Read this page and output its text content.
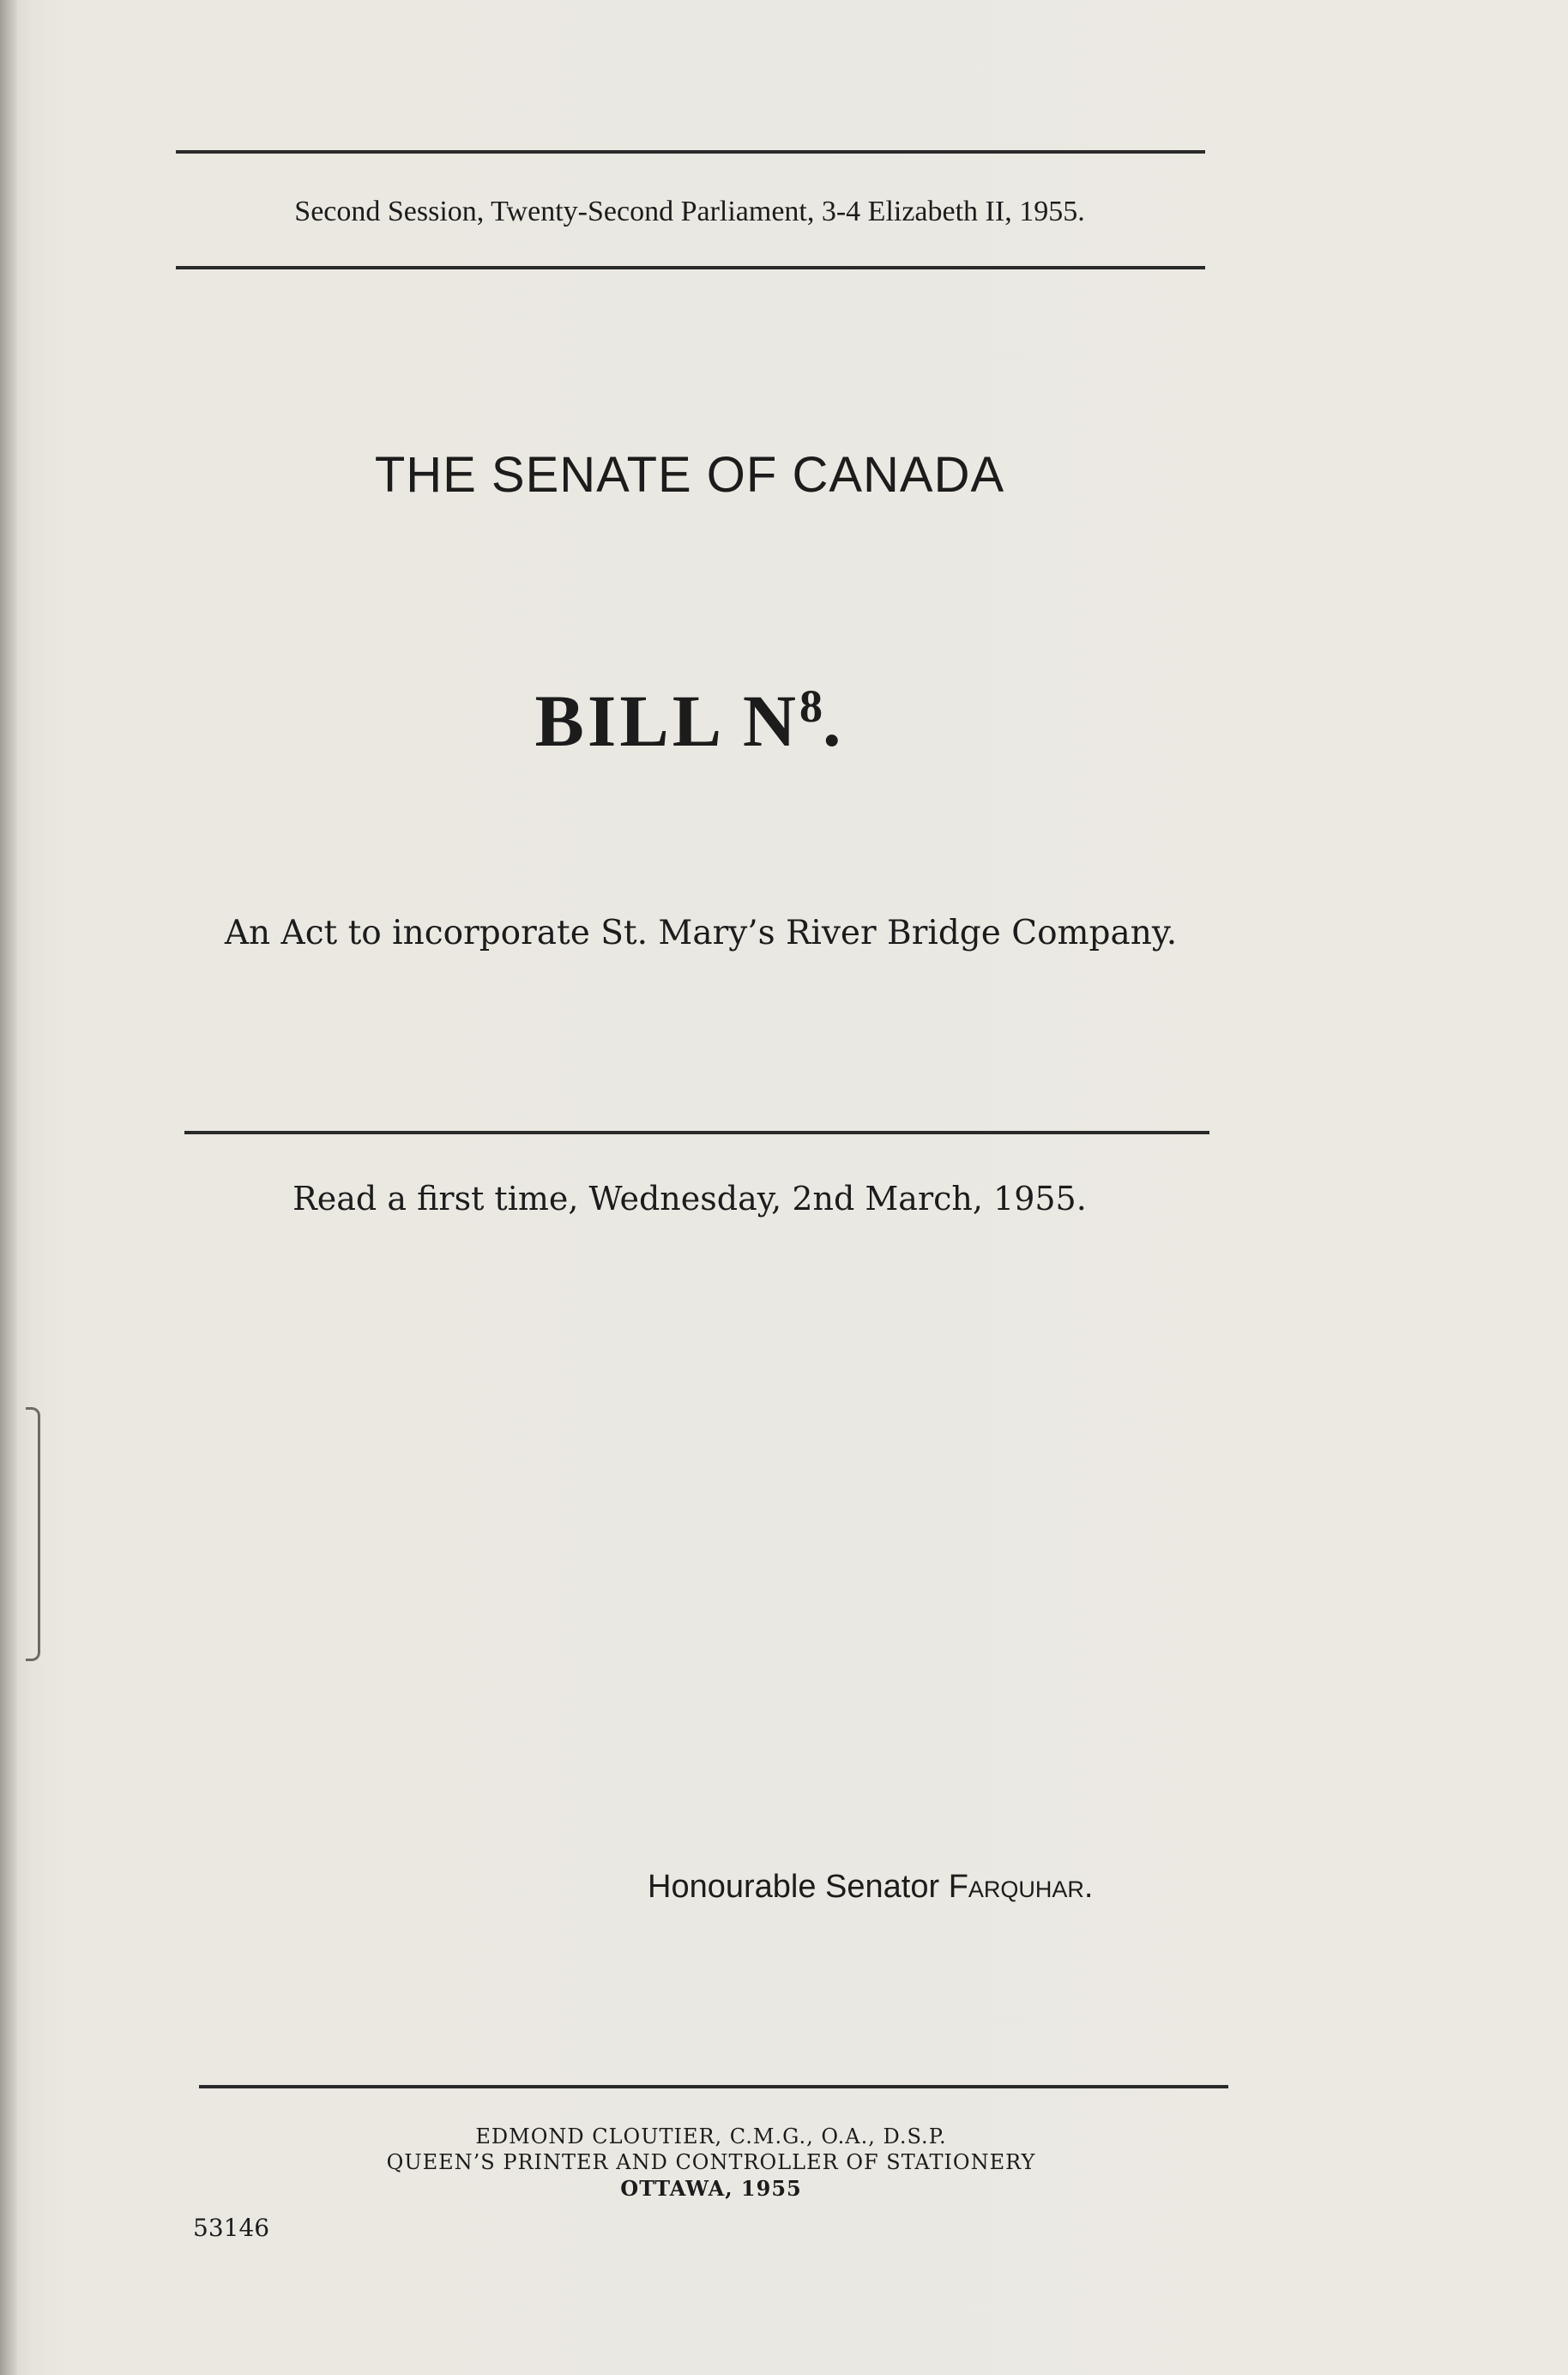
Second Session, Twenty-Second Parliament, 3-4 Elizabeth II, 1955.
THE SENATE OF CANADA
BILL $N^8$.
An Act to incorporate St. Mary’s River Bridge Company.
Read a first time, Wednesday, 2nd March, 1955.
Honourable Senator Farquhar.
EDMOND CLOUTIER, C.M.G., O.A., D.S.P.
QUEEN’S PRINTER AND CONTROLLER OF STATIONERY
OTTAWA, 1955
53146
